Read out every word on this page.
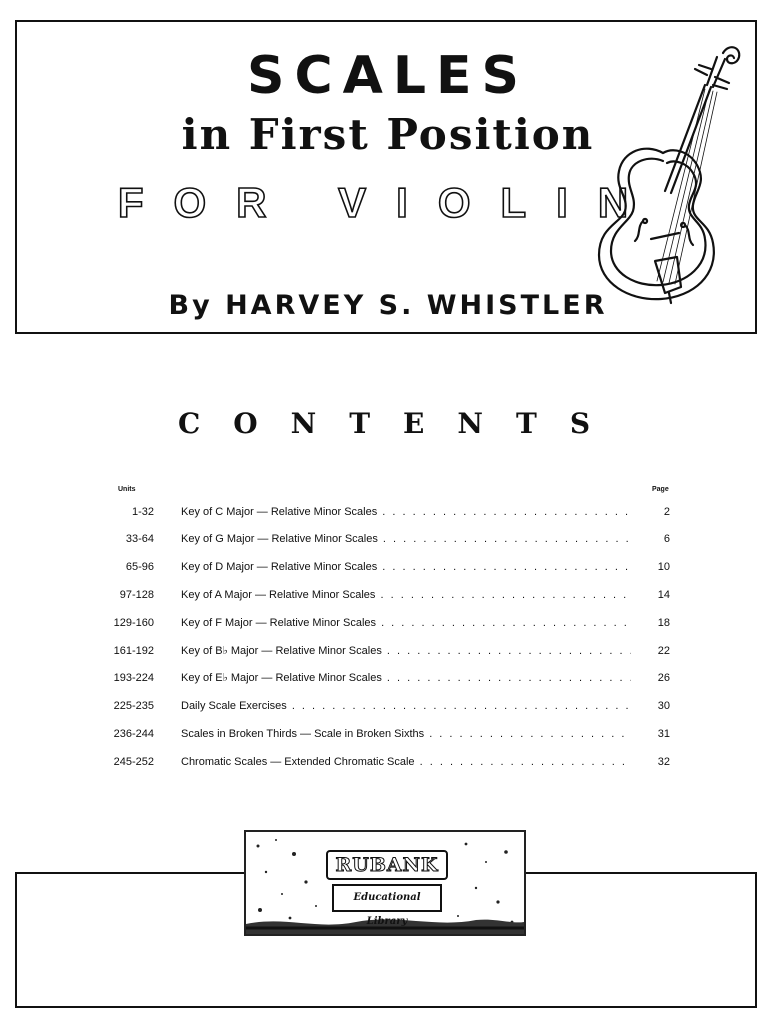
SCALES
in First Position
FOR VIOLIN
By HARVEY S. WHISTLER
CONTENTS
Units	Page
1-32 Key of C Major — Relative Minor Scales . . .	2
33-64 Key of G Major — Relative Minor Scales . . .	6
65-96 Key of D Major — Relative Minor Scales . . .	10
97-128 Key of A Major — Relative Minor Scales . . .	14
129-160 Key of F Major — Relative Minor Scales . . .	18
161-192 Key of B♭ Major — Relative Minor Scales . . .	22
193-224 Key of E♭ Major — Relative Minor Scales . . .	26
225-235 Daily Scale Exercises . . .	30
236-244 Scales in Broken Thirds — Scale in Broken Sixths . . .	31
245-252 Chromatic Scales — Extended Chromatic Scale . . .	32
RUBANK
Educational Library
